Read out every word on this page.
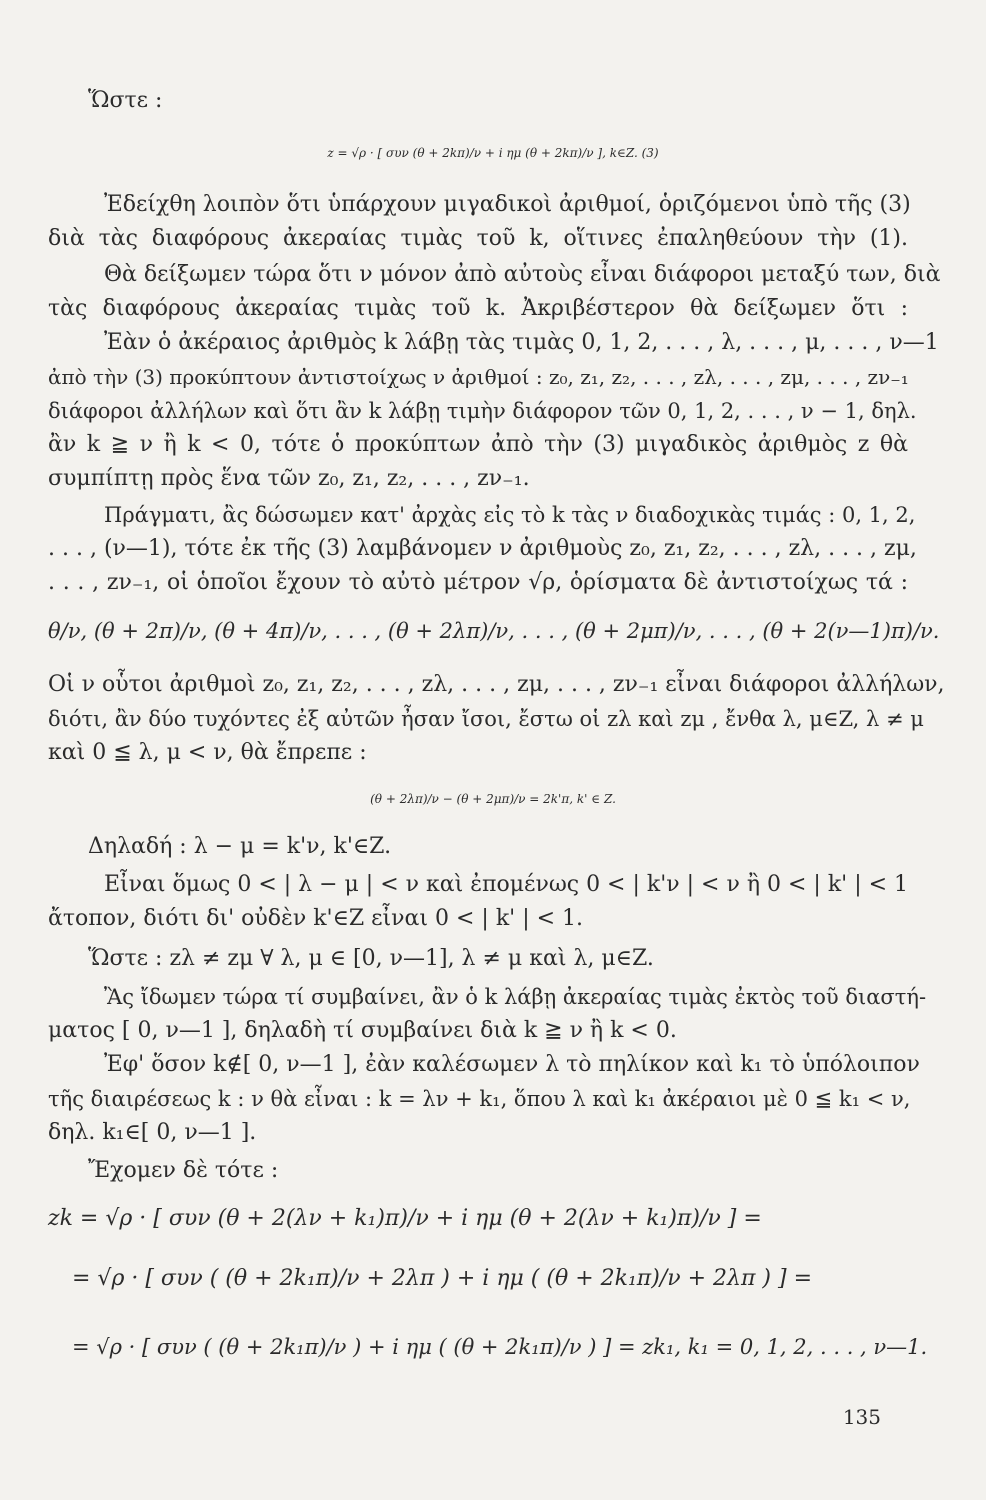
Ὥστε :
z = √ρ · [ συν (θ + 2kπ)/ν + i ημ (θ + 2kπ)/ν ], k∈Z. (3)
Ἐδείχθη λοιπὸν ὅτι ὑπάρχουν μιγαδικοὶ ἀριθμοί, ὁριζόμενοι ὑπὸ τῆς (3)
διὰ τὰς διαφόρους ἀκεραίας τιμὰς τοῦ k, οἵτινες ἐπαληθεύουν τὴν (1).
Θὰ δείξωμεν τώρα ὅτι ν μόνον ἀπὸ αὐτοὺς εἶναι διάφοροι μεταξύ των, διὰ
τὰς διαφόρους ἀκεραίας τιμὰς τοῦ k. Ἀκριβέστερον θὰ δείξωμεν ὅτι :
Ἐὰν ὁ ἀκέραιος ἀριθμὸς k λάβῃ τὰς τιμὰς 0, 1, 2, . . . , λ, . . . , μ, . . . , ν—1
ἀπὸ τὴν (3) προκύπτουν ἀντιστοίχως ν ἀριθμοί : z₀, z₁, z₂, . . . , zλ, . . . , zμ, . . . , zν₋₁
διάφοροι ἀλλήλων καὶ ὅτι ἂν k λάβῃ τιμὴν διάφορον τῶν 0, 1, 2, . . . , ν − 1, δηλ.
ἂν k ≧ ν ἢ k < 0, τότε ὁ προκύπτων ἀπὸ τὴν (3) μιγαδικὸς ἀριθμὸς z θὰ
συμπίπτῃ πρὸς ἕνα τῶν z₀, z₁, z₂, . . . , zν₋₁.
Πράγματι, ἂς δώσωμεν κατ' ἀρχὰς εἰς τὸ k τὰς ν διαδοχικὰς τιμάς : 0, 1, 2,
. . . , (ν—1), τότε ἐκ τῆς (3) λαμβάνομεν ν ἀριθμοὺς z₀, z₁, z₂, . . . , zλ, . . . , zμ,
. . . , zν₋₁, οἱ ὁποῖοι ἔχουν τὸ αὐτὸ μέτρον √ρ, ὁρίσματα δὲ ἀντιστοίχως τά :
θ/ν, (θ + 2π)/ν, (θ + 4π)/ν, . . . , (θ + 2λπ)/ν, . . . , (θ + 2μπ)/ν, . . . , (θ + 2(ν—1)π)/ν.
Οἱ ν οὗτοι ἀριθμοὶ z₀, z₁, z₂, . . . , zλ, . . . , zμ, . . . , zν₋₁ εἶναι διάφοροι ἀλλήλων,
διότι, ἂν δύο τυχόντες ἐξ αὐτῶν ἦσαν ἴσοι, ἔστω οἱ zλ καὶ zμ , ἔνθα λ, μ∈Z, λ ≠ μ
καὶ 0 ≦ λ, μ < ν, θὰ ἔπρεπε :
(θ + 2λπ)/ν − (θ + 2μπ)/ν = 2k'π, k' ∈ Z.
Δηλαδή : λ − μ = k'ν, k'∈Z.
Εἶναι ὅμως 0 < | λ − μ | < ν καὶ ἐπομένως 0 < | k'ν | < ν ἢ 0 < | k' | < 1
ἄτοπον, διότι δι' οὐδὲν k'∈Z εἶναι 0 < | k' | < 1.
Ὥστε : zλ ≠ zμ ∀ λ, μ ∈ [0, ν—1], λ ≠ μ καὶ λ, μ∈Z.
Ἂς ἴδωμεν τώρα τί συμβαίνει, ἂν ὁ k λάβῃ ἀκεραίας τιμὰς ἐκτὸς τοῦ διαστή-
ματος [ 0, ν—1 ], δηλαδὴ τί συμβαίνει διὰ k ≧ ν ἢ k < 0.
Ἐφ' ὅσον k∉[ 0, ν—1 ], ἐὰν καλέσωμεν λ τὸ πηλίκον καὶ k₁ τὸ ὑπόλοιπον
τῆς διαιρέσεως k : ν θὰ εἶναι : k = λν + k₁, ὅπου λ καὶ k₁ ἀκέραιοι μὲ 0 ≦ k₁ < ν,
δηλ. k₁∈[ 0, ν—1 ].
Ἔχομεν δὲ τότε :
zk = √ρ · [ συν (θ + 2(λν + k₁)π)/ν + i ημ (θ + 2(λν + k₁)π)/ν ] =
= √ρ · [ συν ( (θ + 2k₁π)/ν + 2λπ ) + i ημ ( (θ + 2k₁π)/ν + 2λπ ) ] =
= √ρ · [ συν ( (θ + 2k₁π)/ν ) + i ημ ( (θ + 2k₁π)/ν ) ] = zk₁, k₁ = 0, 1, 2, . . . , ν—1.
135
